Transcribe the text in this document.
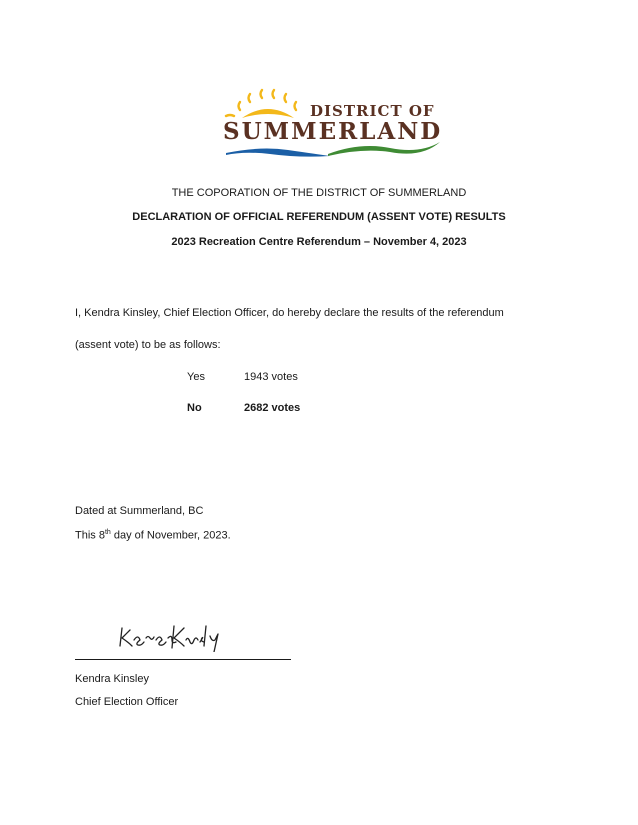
DISTRICT OF
SUMMERLAND
THE COPORATION OF THE DISTRICT OF SUMMERLAND
DECLARATION OF OFFICIAL REFERENDUM (ASSENT VOTE) RESULTS
2023 Recreation Centre Referendum – November 4, 2023
I, Kendra Kinsley, Chief Election Officer, do hereby declare the results of the referendum
(assent vote) to be as follows:
Yes	1943 votes
No	2682 votes
Dated at Summerland, BC
This 8th day of November, 2023.
Kendra Kinsley
Chief Election Officer
